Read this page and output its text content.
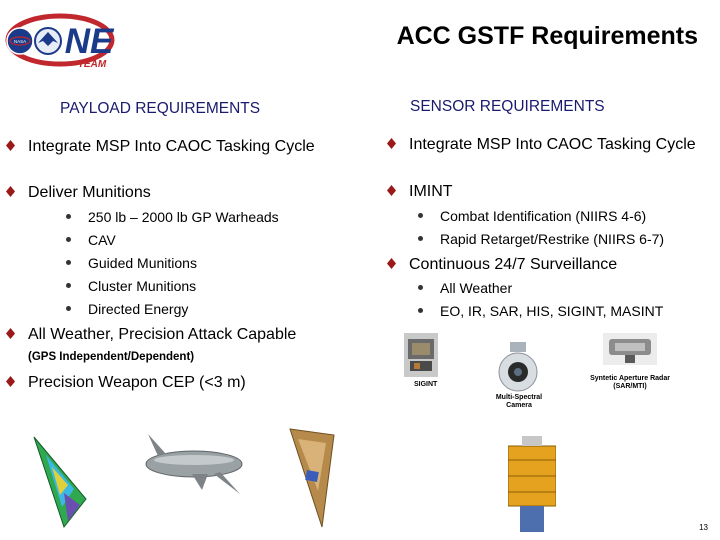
NASA NE
TEAM
ACC GSTF Requirements
PAYLOAD REQUIREMENTS
Integrate MSP Into CAOC Tasking Cycle
Deliver Munitions
250 lb – 2000 lb GP Warheads
CAV
Guided Munitions
Cluster Munitions
Directed Energy
All Weather, Precision Attack Capable (GPS Independent/Dependent)
Precision Weapon CEP (<3 m)
SENSOR REQUIREMENTS
Integrate MSP Into CAOC Tasking Cycle
IMINT
Combat Identification (NIIRS 4-6)
Rapid Retarget/Restrike (NIIRS 6-7)
Continuous 24/7 Surveillance
All Weather
EO, IR, SAR, HIS, SIGINT, MASINT
SIGINT
Multi-Spectral Camera
Syntetic Aperture Radar (SAR/MTI)
13
